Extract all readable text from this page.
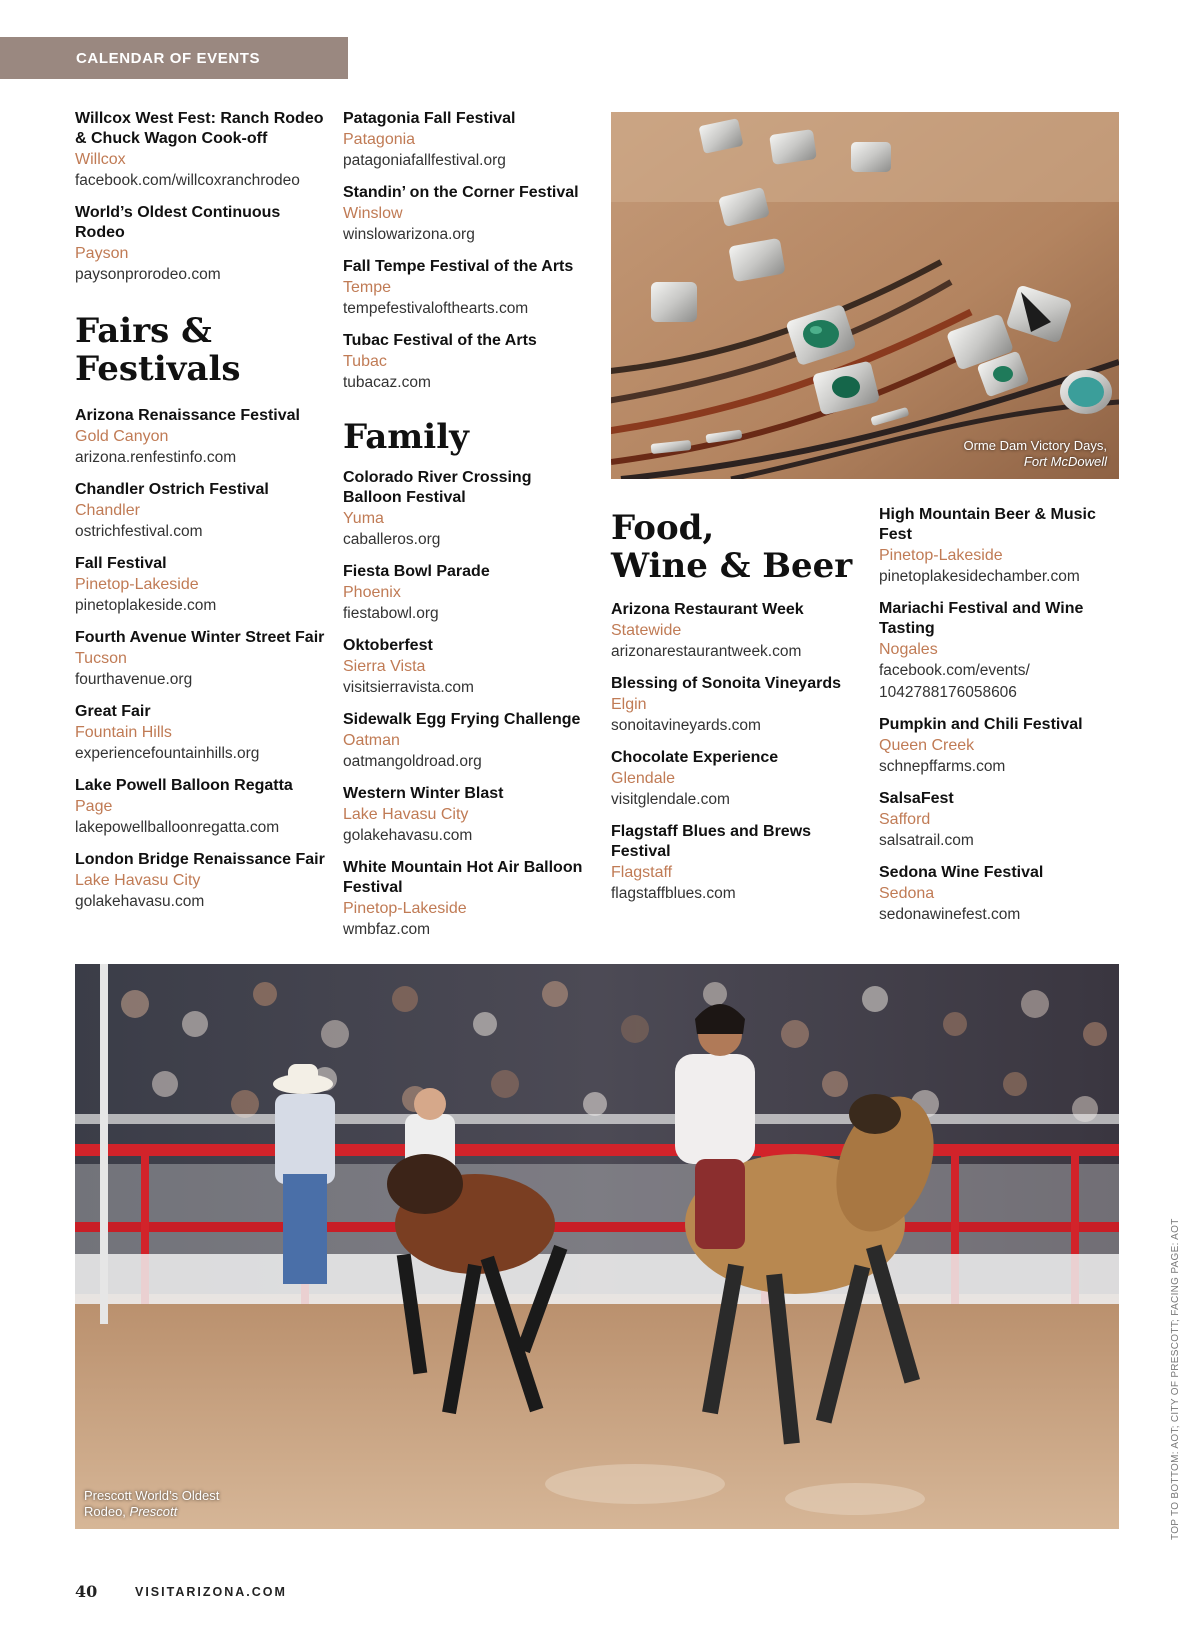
CALENDAR OF EVENTS
Willcox West Fest: Ranch Rodeo & Chuck Wagon Cook-off
Willcox
facebook.com/willcoxranchrodeo
World’s Oldest Continuous Rodeo
Payson
paysonprorodeo.com
Fairs &
Festivals
Arizona Renaissance Festival
Gold Canyon
arizona.renfestinfo.com
Chandler Ostrich Festival
Chandler
ostrichfestival.com
Fall Festival
Pinetop-Lakeside
pinetoplakeside.com
Fourth Avenue Winter Street Fair
Tucson
fourthavenue.org
Great Fair
Fountain Hills
experiencefountainhills.org
Lake Powell Balloon Regatta
Page
lakepowellballoonregatta.com
London Bridge Renaissance Fair
Lake Havasu City
golakehavasu.com
Patagonia Fall Festival
Patagonia
patagoniafallfestival.org
Standin’ on the Corner Festival
Winslow
winslowarizona.org
Fall Tempe Festival of the Arts
Tempe
tempefestivalofthearts.com
Tubac Festival of the Arts
Tubac
tubacaz.com
Family
Colorado River Crossing Balloon Festival
Yuma
caballeros.org
Fiesta Bowl Parade
Phoenix
fiestabowl.org
Oktoberfest
Sierra Vista
visitsierravista.com
Sidewalk Egg Frying Challenge
Oatman
oatmangoldroad.org
Western Winter Blast
Lake Havasu City
golakehavasu.com
White Mountain Hot Air Balloon Festival
Pinetop-Lakeside
wmbfaz.com
Orme Dam Victory Days,
Fort McDowell
Food,
Wine & Beer
Arizona Restaurant Week
Statewide
arizonarestaurantweek.com
Blessing of Sonoita Vineyards
Elgin
sonoitavineyards.com
Chocolate Experience
Glendale
visitglendale.com
Flagstaff Blues and Brews Festival
Flagstaff
flagstaffblues.com
High Mountain Beer & Music Fest
Pinetop-Lakeside
pinetoplakesidechamber.com
Mariachi Festival and Wine Tasting
Nogales
facebook.com/events/ 1042788176058606
Pumpkin and Chili Festival
Queen Creek
schnepffarms.com
SalsaFest
Safford
salsatrail.com
Sedona Wine Festival
Sedona
sedonawinefest.com
Prescott World’s Oldest
Rodeo, Prescott	TOP TO BOTTOM: AOT; CITY OF PRESCOTT; FACING PAGE: AOT
40	VISITARIZONA.COM
